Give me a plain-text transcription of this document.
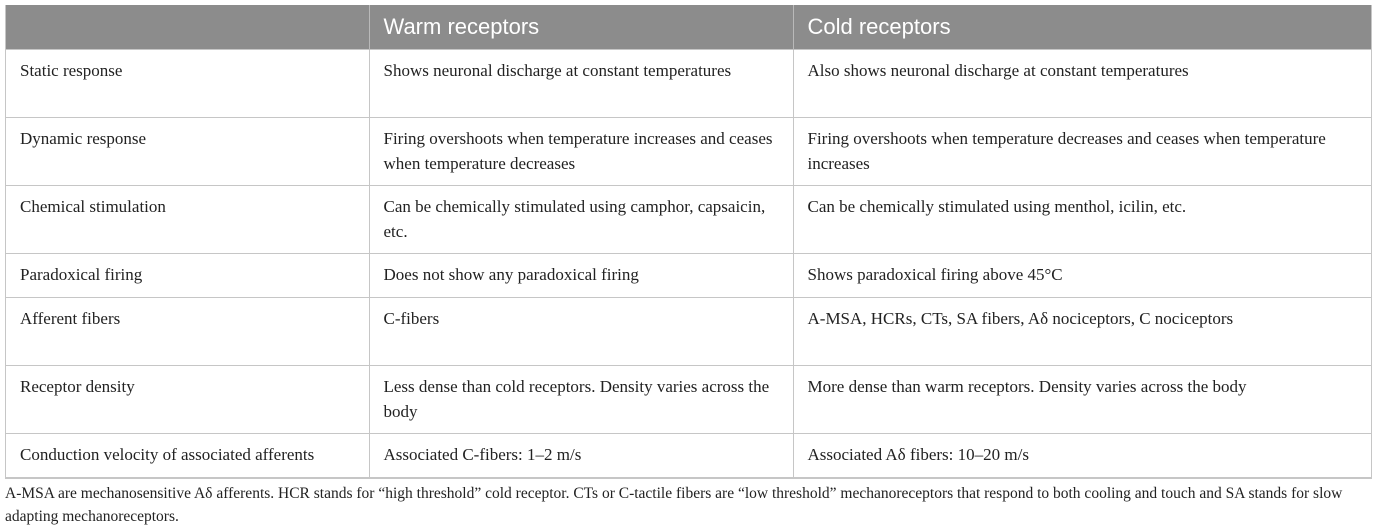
	Warm receptors	Cold receptors
Static response	Shows neuronal discharge at constant temperatures	Also shows neuronal discharge at constant temperatures
Dynamic response	Firing overshoots when temperature increases and ceases when temperature decreases	Firing overshoots when temperature decreases and ceases when temperature increases
Chemical stimulation	Can be chemically stimulated using camphor, capsaicin, etc.	Can be chemically stimulated using menthol, icilin, etc.
Paradoxical firing	Does not show any paradoxical firing	Shows paradoxical firing above 45°C
Afferent fibers	C-fibers	A-MSA, HCRs, CTs, SA fibers, Aδ nociceptors, C nociceptors
Receptor density	Less dense than cold receptors. Density varies across the body	More dense than warm receptors. Density varies across the body
Conduction velocity of associated afferents	Associated C-fibers: 1–2 m/s	Associated Aδ fibers: 10–20 m/s
A-MSA are mechanosensitive Aδ afferents. HCR stands for “high threshold” cold receptor. CTs or C-tactile fibers are “low threshold” mechanoreceptors that respond to both cooling and touch and SA stands for slow adapting mechanoreceptors.
